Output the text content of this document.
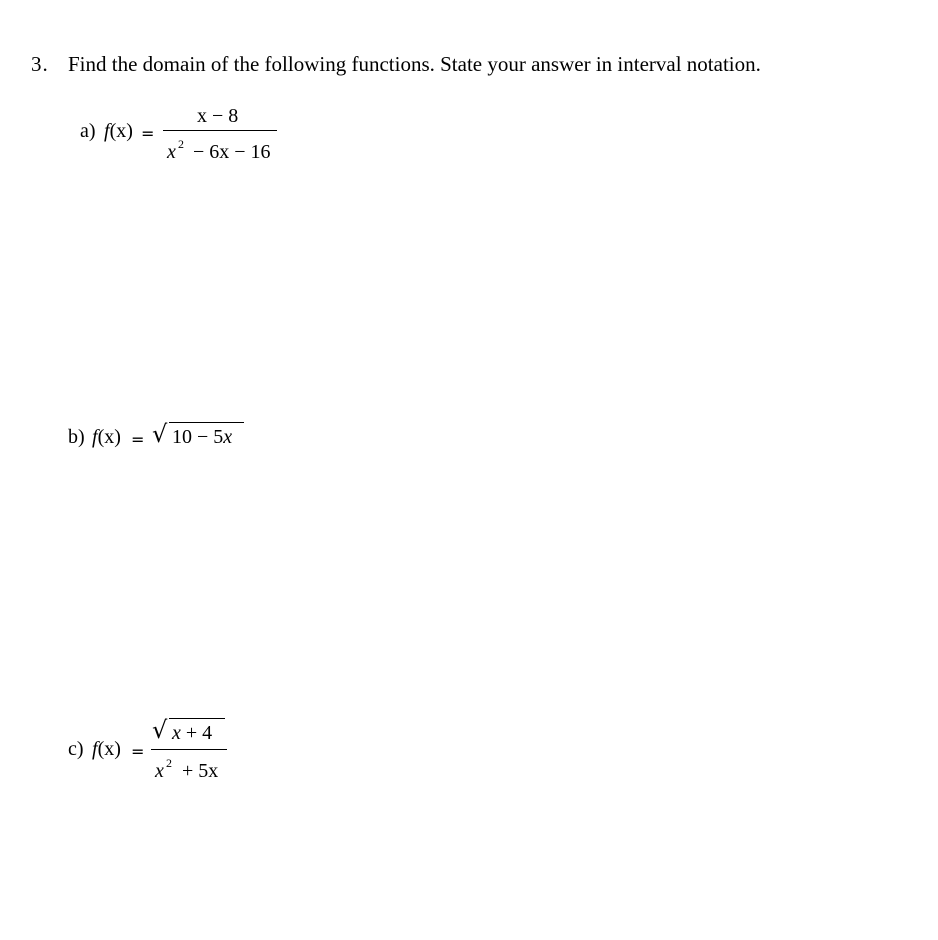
3. Find the domain of the following functions. State your answer in interval notation.
a) f(x) =
x − 8
x 2 − 6x − 16
b) f(x) = √ 10 − 5x
c) f(x) =
√ x + 4
x 2 + 5x
